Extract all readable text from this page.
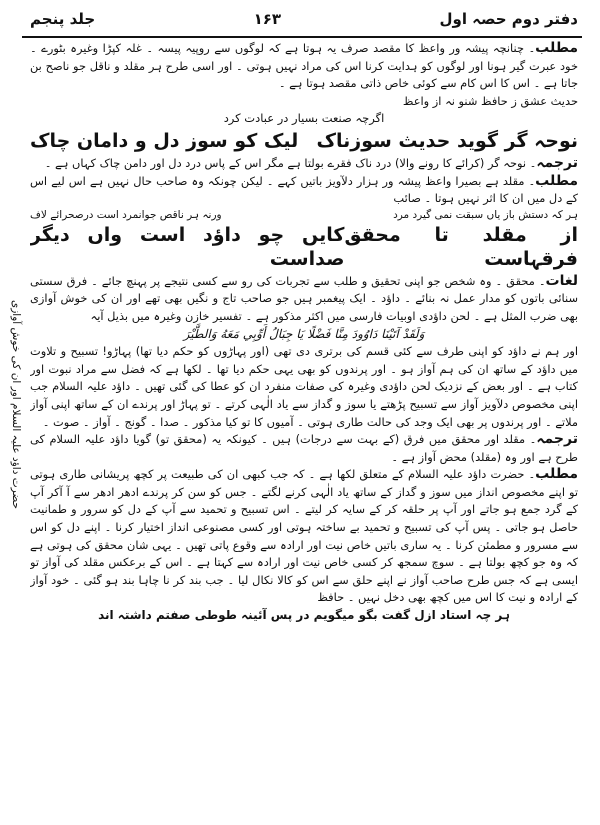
دفتر دوم حصہ اول
۱۶۳
جلد پنجم
حضرت داؤد علیہ السلام اور ان کی خوش آوازی

مطلب۔ چنانچہ پیشہ ور واعظ کا مقصد صرف یہ ہوتا ہے کہ لوگوں سے روپیہ پیسہ ۔ غلہ کپڑا وغیرہ بٹورے ۔ خود عبرت گیر ہونا اور لوگوں کو ہدایت کرنا اس کی مراد نہیں ہوتی ۔ اور اسی طرح ہر مقلد و ناقل جو ناصح بن جاتا ہے ۔ اس کا اس کام سے کوئی خاص ذاتی مقصد ہوتا ہے ۔

حدیث عشق ز حافظ شنو نہ از واعظ

اگرچہ صنعت بسیار در عبادت کرد

نوحہ گر گوید حدیث سوزناک
لیک کو سوز دل و دامان چاک

ترجمہ۔ نوحہ گر (کرائے کا رونے والا) درد ناک فقرے بولتا ہے مگر اس کے پاس درد دل اور دامن چاک کہاں ہے ۔

مطلب۔ مقلد ہے بصیرا واعظ پیشہ ور ہزار دلآویز باتیں کہے ۔ لیکن چونکہ وہ صاحب حال نہیں ہے اس لیے اس کے دل میں ان کا اثر نہیں ہوتا ۔ صائب

ہر کہ دستش باز یاں سبقت نمی گیرد مرد
ورنہ ہر ناقص جوانمرد است درصحرائے لاف
از مقلد تا محقق فرقہاست
کایں چو داؤد است واں دیگر صداست

لغات۔ محقق ۔ وہ شخص جو اپنی تحقیق و طلب سے تجربات کی رو سے کسی نتیجے پر پہنچ جائے ۔ فرق سستی سنائی باتوں کو مدار عمل نہ بنائے ۔ داؤد ۔ ایک پیغمبر ہیں جو صاحب تاج و نگیں بھی تھے اور ان کی خوش آوازی بھی ضرب المثل ہے ۔ لحن داؤدی اوبیات فارسی میں اکثر مذکور ہے ۔ تفسیر خازن وغیرہ میں بذیل آیہ

وَلَقَدْ آتَيْنَا دَاوُودَ مِنَّا فَضْلًا يَا جِبَالُ أَوِّبِي مَعَهُ وَالطَّيْرَ

اور ہم نے داؤد کو اپنی طرف سے کئی قسم کی برتری دی تھی (اور پہاڑوں کو حکم دیا تھا) پہاڑو! تسبیح و تلاوت میں داؤد کے ساتھ ان کی ہم آواز ہو ۔ اور پرندوں کو بھی یہی حکم دیا تھا ۔ لکھا ہے کہ فضل سے مراد نبوت اور کتاب ہے ۔ اور بعض کے نزدیک لحن داؤدی وغیرہ کی صفات منفرد ان کو عطا کی گئی تھیں ۔ داؤد علیہ السلام جب اپنی مخصوص دلآویز آواز سے تسبیح پڑھتے یا سوز و گداز سے یاد الٰہی کرتے ۔ تو پہاڑ اور پرندے ان کے ساتھ اپنی آواز ملاتے ۔ اور پرندوں پر بھی ایک وجد کی حالت طاری ہوتی ۔ آمیوں کا تو کیا مذکور ۔ صدا ۔ گونج ۔ آواز ۔ صوت ۔

ترجمہ۔ مقلد اور محقق میں فرق (کے بہت سے درجات) ہیں ۔ کیونکہ یہ (محقق تو) گویا داؤد علیہ السلام کی طرح ہے اور وہ (مقلد) محض آواز ہے ۔

مطلب۔ حضرت داؤد علیہ السلام کے متعلق لکھا ہے ۔ کہ جب کبھی ان کی طبیعت پر کچھ پریشانی طاری ہوتی تو اپنے مخصوص انداز میں سوز و گداز کے ساتھ یاد الٰہی کرنے لگتے ۔ جس کو سن کر پرندے ادھر ادھر سے آ آکر آپ کے گرد جمع ہو جاتے اور آپ پر حلقہ کر کے سایہ کر لیتے ۔ اس تسبیح و تحمید سے آپ کے دل کو سرور و طمانیت حاصل ہو جاتی ۔ پس آپ کی تسبیح و تحمید بے ساختہ ہوتی اور کسی مصنوعی انداز اختیار کرنا ۔ اپنے دل کو اس سے مسرور و مطمئن کرنا ۔ یہ ساری باتیں خاص نیت اور ارادہ سے وقوع پاتی تھیں ۔ یہی شان محقق کی ہوتی ہے کہ وہ جو کچھ بولتا ہے ۔ سوچ سمجھ کر کسی خاص نیت اور ارادہ سے کہتا ہے ۔ اس کے برعکس مقلد کی آواز تو ایسی ہے کہ جس طرح صاحب آواز نے اپنے حلق سے اس کو کالا نکال لیا ۔ جب بند کر نا چاہا بند ہو گئی ۔ خود آواز کے ارادہ و نیت کا اس میں کچھ بھی دخل نہیں ۔ حافظ

ہر چہ استاد ازل گفت بگو میگویم در پس آئینہ طوطی صفتم داشتہ اند
